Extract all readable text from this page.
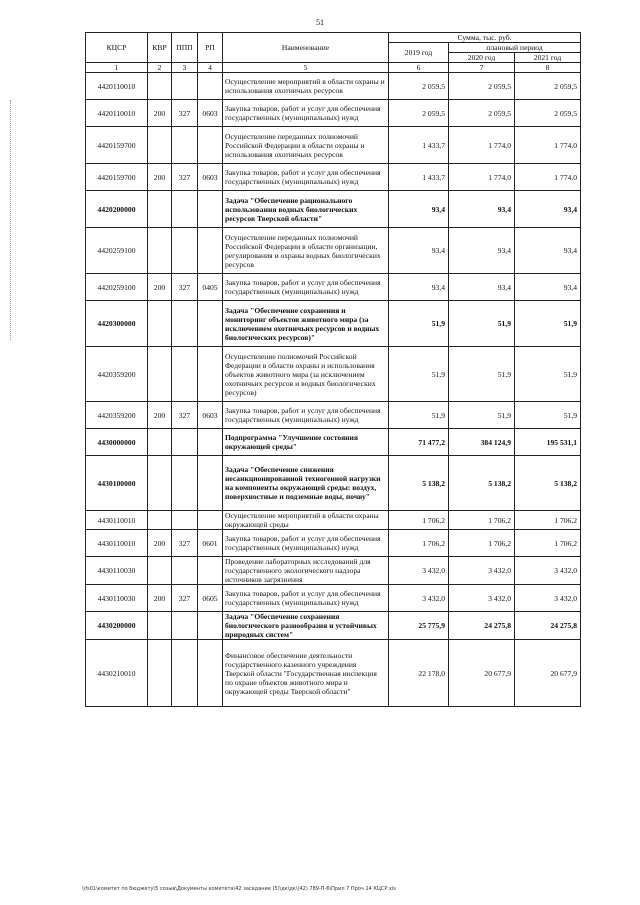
51
КЦСР	КВР	ППП	РП	Наименование	Сумма, тыс. руб.		
					2019 год	плановый период	
						2020 год	2021 год
1	2	3	4	5	6	7	8
4420110010				Осуществление мероприятий в области охраны и использования охотничьих ресурсов	2 059,5	2 059,5	2 059,5
4420110010	200	327	0603	Закупка товаров, работ и услуг для обеспечения государственных (муниципальных) нужд	2 059,5	2 059,5	2 059,5
4420159700				Осуществление переданных полномочий Российской Федерации в области охраны и использования охотничьих ресурсов	1 433,7	1 774,0	1 774,0
4420159700	200	327	0603	Закупка товаров, работ и услуг для обеспечения государственных (муниципальных) нужд	1 433,7	1 774,0	1 774,0
4420200000				Задача "Обеспечение рационального использования водных биологических ресурсов Тверской области"	93,4	93,4	93,4
4420259100				Осуществление переданных полномочий Российской Федерации в области организации, регулирования и охраны водных биологических ресурсов	93,4	93,4	93,4
4420259100	200	327	0405	Закупка товаров, работ и услуг для обеспечения государственных (муниципальных) нужд	93,4	93,4	93,4
4420300000				Задача "Обеспечение сохранения и мониторинг объектов животного мира (за исключением охотничьих ресурсов и водных биологических ресурсов)"	51,9	51,9	51,9
4420359200				Осуществление полномочий Российской Федерации в области охраны и использования объектов животного мира (за исключением охотничьих ресурсов и водных биологических ресурсов)	51,9	51,9	51,9
4420359200	200	327	0603	Закупка товаров, работ и услуг для обеспечения государственных (муниципальных) нужд	51,9	51,9	51,9
4430000000				Подпрограмма "Улучшение состояния окружающей среды"	71 477,2	384 124,9	195 531,1
4430100000				Задача "Обеспечение снижения несанкционированной техногенной нагрузки на компоненты окружающей среды: воздух, поверхностные и подземные воды, почву"	5 138,2	5 138,2	5 138,2
4430110010				Осуществление мероприятий в области охраны окружающей среды	1 706,2	1 706,2	1 706,2
4430110010	200	327	0601	Закупка товаров, работ и услуг для обеспечения государственных (муниципальных) нужд	1 706,2	1 706,2	1 706,2
4430110030				Проведение лабораторных исследований для государственного экологического надзора источников загрязнения	3 432,0	3 432,0	3 432,0
4430110030	200	327	0605	Закупка товаров, работ и услуг для обеспечения государственных (муниципальных) нужд	3 432,0	3 432,0	3 432,0
4430200000				Задача "Обеспечение сохранения биологического разнообразия и устойчивых природных систем"	25 775,9	24 275,8	24 275,8
4430210010				Финансовое обеспечение деятельности государственного казенного учреждения Тверской области "Государственная инспекция по охране объектов животного мира и окружающей среды Тверской области"	22 178,0	20 677,9	20 677,9
\\fs01\комитет по бюджету\5 созыв\Документы комитета\42 заседание (5)\дк\дк\(42) 789-П-6\Прил 7 Проч 14 КЦСР.xls
